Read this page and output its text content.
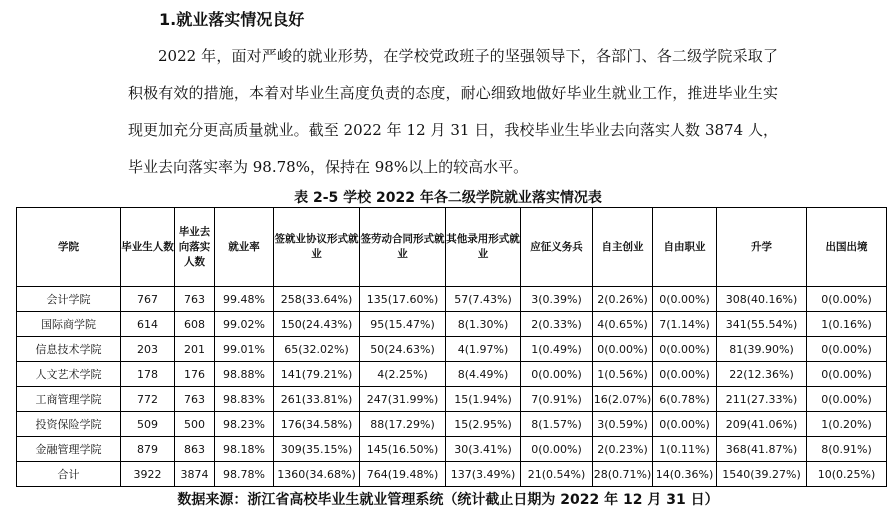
1.就业落实情况良好

2022 年，面对严峻的就业形势，在学校党政班子的坚强领导下，各部门、各二级学院采取了积极有效的措施，本着对毕业生高度负责的态度，耐心细致地做好毕业生就业工作，推进毕业生实现更加充分更高质量就业。截至 2022 年 12 月 31 日，我校毕业生毕业去向落实人数 3874 人，毕业去向落实率为 98.78%，保持在 98%以上的较高水平。

表 2-5 学校 2022 年各二级学院就业落实情况表
学院	毕业生人数	毕业去向落实人数	就业率	签就业协议形式就业	签劳动合同形式就业	其他录用形式就业	应征义务兵	自主创业	自由职业	升学	出国出境
会计学院	767	763	99.48%	258(33.64%)	135(17.60%)	57(7.43%)	3(0.39%)	2(0.26%)	0(0.00%)	308(40.16%)	0(0.00%)
国际商学院	614	608	99.02%	150(24.43%)	95(15.47%)	8(1.30%)	2(0.33%)	4(0.65%)	7(1.14%)	341(55.54%)	1(0.16%)
信息技术学院	203	201	99.01%	65(32.02%)	50(24.63%)	4(1.97%)	1(0.49%)	0(0.00%)	0(0.00%)	81(39.90%)	0(0.00%)
人文艺术学院	178	176	98.88%	141(79.21%)	4(2.25%)	8(4.49%)	0(0.00%)	1(0.56%)	0(0.00%)	22(12.36%)	0(0.00%)
工商管理学院	772	763	98.83%	261(33.81%)	247(31.99%)	15(1.94%)	7(0.91%)	16(2.07%)	6(0.78%)	211(27.33%)	0(0.00%)
投资保险学院	509	500	98.23%	176(34.58%)	88(17.29%)	15(2.95%)	8(1.57%)	3(0.59%)	0(0.00%)	209(41.06%)	1(0.20%)
金融管理学院	879	863	98.18%	309(35.15%)	145(16.50%)	30(3.41%)	0(0.00%)	2(0.23%)	1(0.11%)	368(41.87%)	8(0.91%)
合计	3922	3874	98.78%	1360(34.68%)	764(19.48%)	137(3.49%)	21(0.54%)	28(0.71%)	14(0.36%)	1540(39.27%)	10(0.25%)
数据来源：浙江省高校毕业生就业管理系统（统计截止日期为 2022 年 12 月 31 日）
